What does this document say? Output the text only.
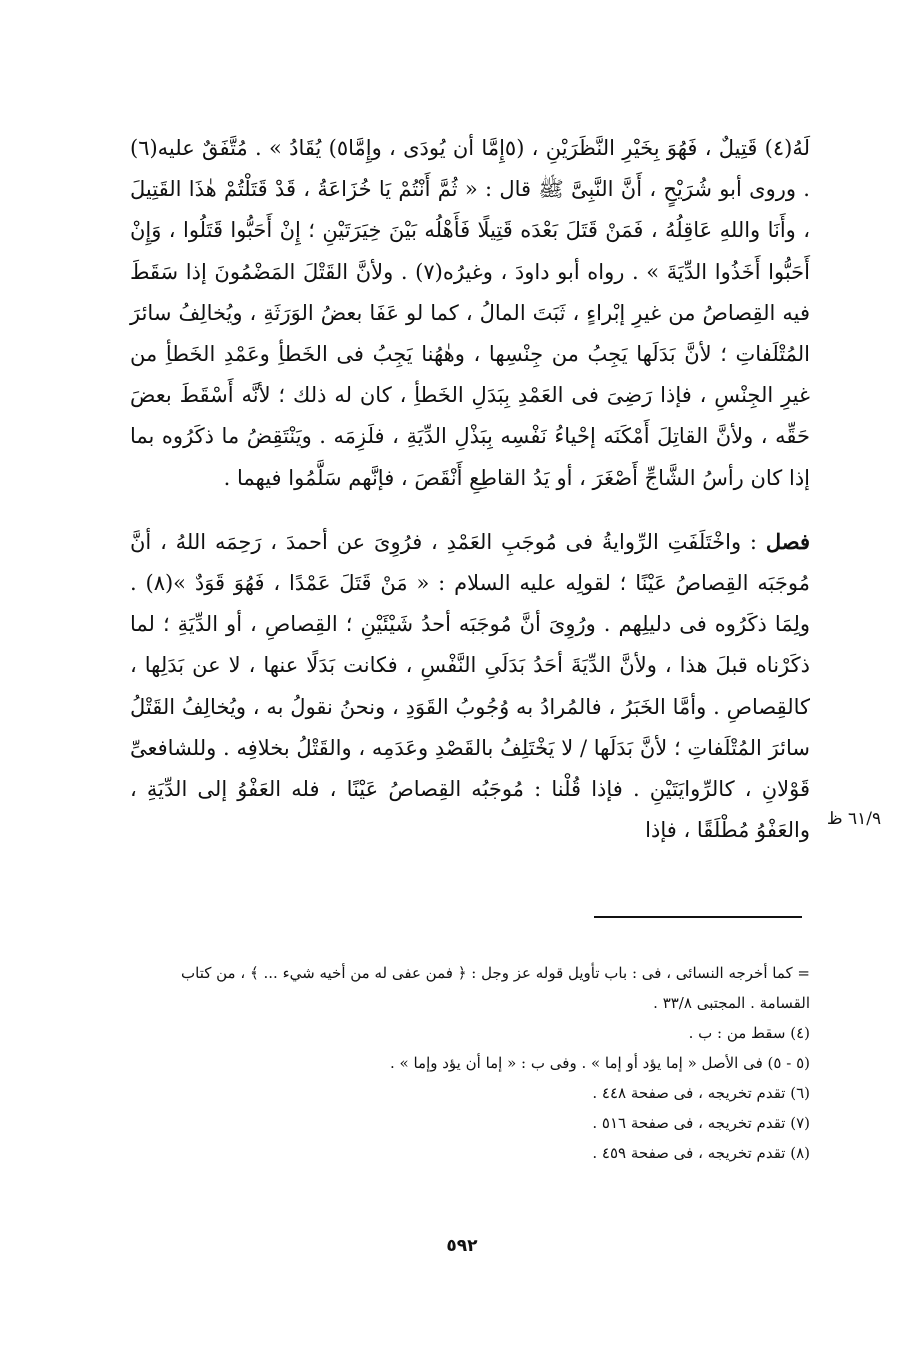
لَهُ(٤) قَتِيلٌ ، فَهُوَ بِخَيْرِ النَّظَرَيْنِ ، (٥إِمَّا أن يُودَى ، وإِمَّا٥) يُقَادُ » . مُتَّفَقٌ عليه(٦) . وروى أبو شُرَيْحٍ ، أَنَّ النَّبِىَّ ﷺ قال : « ثُمَّ أَنْتُمْ يَا خُزَاعَةُ ، قَدْ قَتَلْتُمْ هٰذَا القَتِيلَ ، وأَنَا واللهِ عَاقِلُهُ ، فَمَنْ قَتَلَ بَعْدَه قَتِيلًا فَأَهْلُه بَيْنَ خِيَرَتَيْنِ ؛ إِنْ أَحَبُّوا قَتَلُوا ، وَإِنْ أَحَبُّوا أَخَذُوا الدِّيَةَ » . رواه أبو داودَ ، وغيرُه(٧) . ولأنَّ القَتْلَ المَضْمُونَ إذا سَقَطَ فيه القِصاصُ من غيرِ إبْراءٍ ، ثَبَتَ المالُ ، كما لو عَفَا بعضُ الوَرَثَةِ ، ويُخالِفُ سائرَ المُتْلَفاتِ ؛ لأنَّ بَدَلَها يَجِبُ من جِنْسِها ، وهٰهُنا يَجِبُ فى الخَطأِ وعَمْدِ الخَطأِ من غيرِ الجِنْسِ ، فإذا رَضِىَ فى العَمْدِ بِبَدَلِ الخَطأِ ، كان له ذلك ؛ لأنَّه أَسْقَطَ بعضَ حَقِّه ، ولأنَّ القاتِلَ أَمْكَنَه إحْياءُ نَفْسِه بِبَذْلِ الدِّيَةِ ، فلَزِمَه . ويَنْتَقِضُ ما ذكَرُوه بما إذا كان رأسُ الشَّاجِّ أَصْغَرَ ، أو يَدُ القاطِعِ أَنْقَصَ ، فإنَّهم سَلَّمُوا فيهما .

فصل : واخْتَلَفَتِ الرِّوايةُ فى مُوجَبِ العَمْدِ ، فرُوِىَ عن أحمدَ ، رَحِمَه اللهُ ، أنَّ مُوجَبَه القِصاصُ عَيْنًا ؛ لقولِه عليه السلام : « مَنْ قَتَلَ عَمْدًا ، فَهُوَ قَوَدٌ »(٨) . ولِمَا ذكَرُوه فى دليلِهم . ورُوِىَ أنَّ مُوجَبَه أحدُ شَيْئَيْنِ ؛ القِصاصِ ، أو الدِّيَةِ ؛ لما ذكَرْناه قبلَ هذا ، ولأنَّ الدِّيَةَ أحَدُ بَدَلَىِ النَّفْسِ ، فكانت بَدَلًا عنها ، لا عن بَدَلِها ، كالقِصاصِ . وأمَّا الخَبَرُ ، فالمُرادُ به وُجُوبُ القَوَدِ ، ونحنُ نقولُ به ، ويُخالِفُ القَتْلُ سائرَ المُتْلَفاتِ ؛ لأنَّ بَدَلَها / لا يَخْتَلِفُ بالقَصْدِ وعَدَمِه ، والقَتْلُ بخلافِه . وللشافعىِّ قَوْلانِ ، كالرِّوايَتَيْنِ . فإذا قُلْنا : مُوجَبُه القِصاصُ عَيْنًا ، فله العَفْوُ إلى الدِّيَةِ ، والعَفْوُ مُطْلَقًا ، فإذا ٦١/٩ ظ

= كما أخرجه النسائى ، فى : باب تأويل قوله عز وجل : ﴿ فمن عفى له من أخيه شيء ... ﴾ ، من كتاب القسامة . المجتبى ٣٣/٨ .

(٤) سقط من : ب .

(٥ - ٥) فى الأصل « إما يؤد أو إما » . وفى ب : « إما أن يؤد وإما » .

(٦) تقدم تخريجه ، فى صفحة ٤٤٨ .

(٧) تقدم تخريجه ، فى صفحة ٥١٦ .

(٨) تقدم تخريجه ، فى صفحة ٤٥٩ .

٥٩٢
